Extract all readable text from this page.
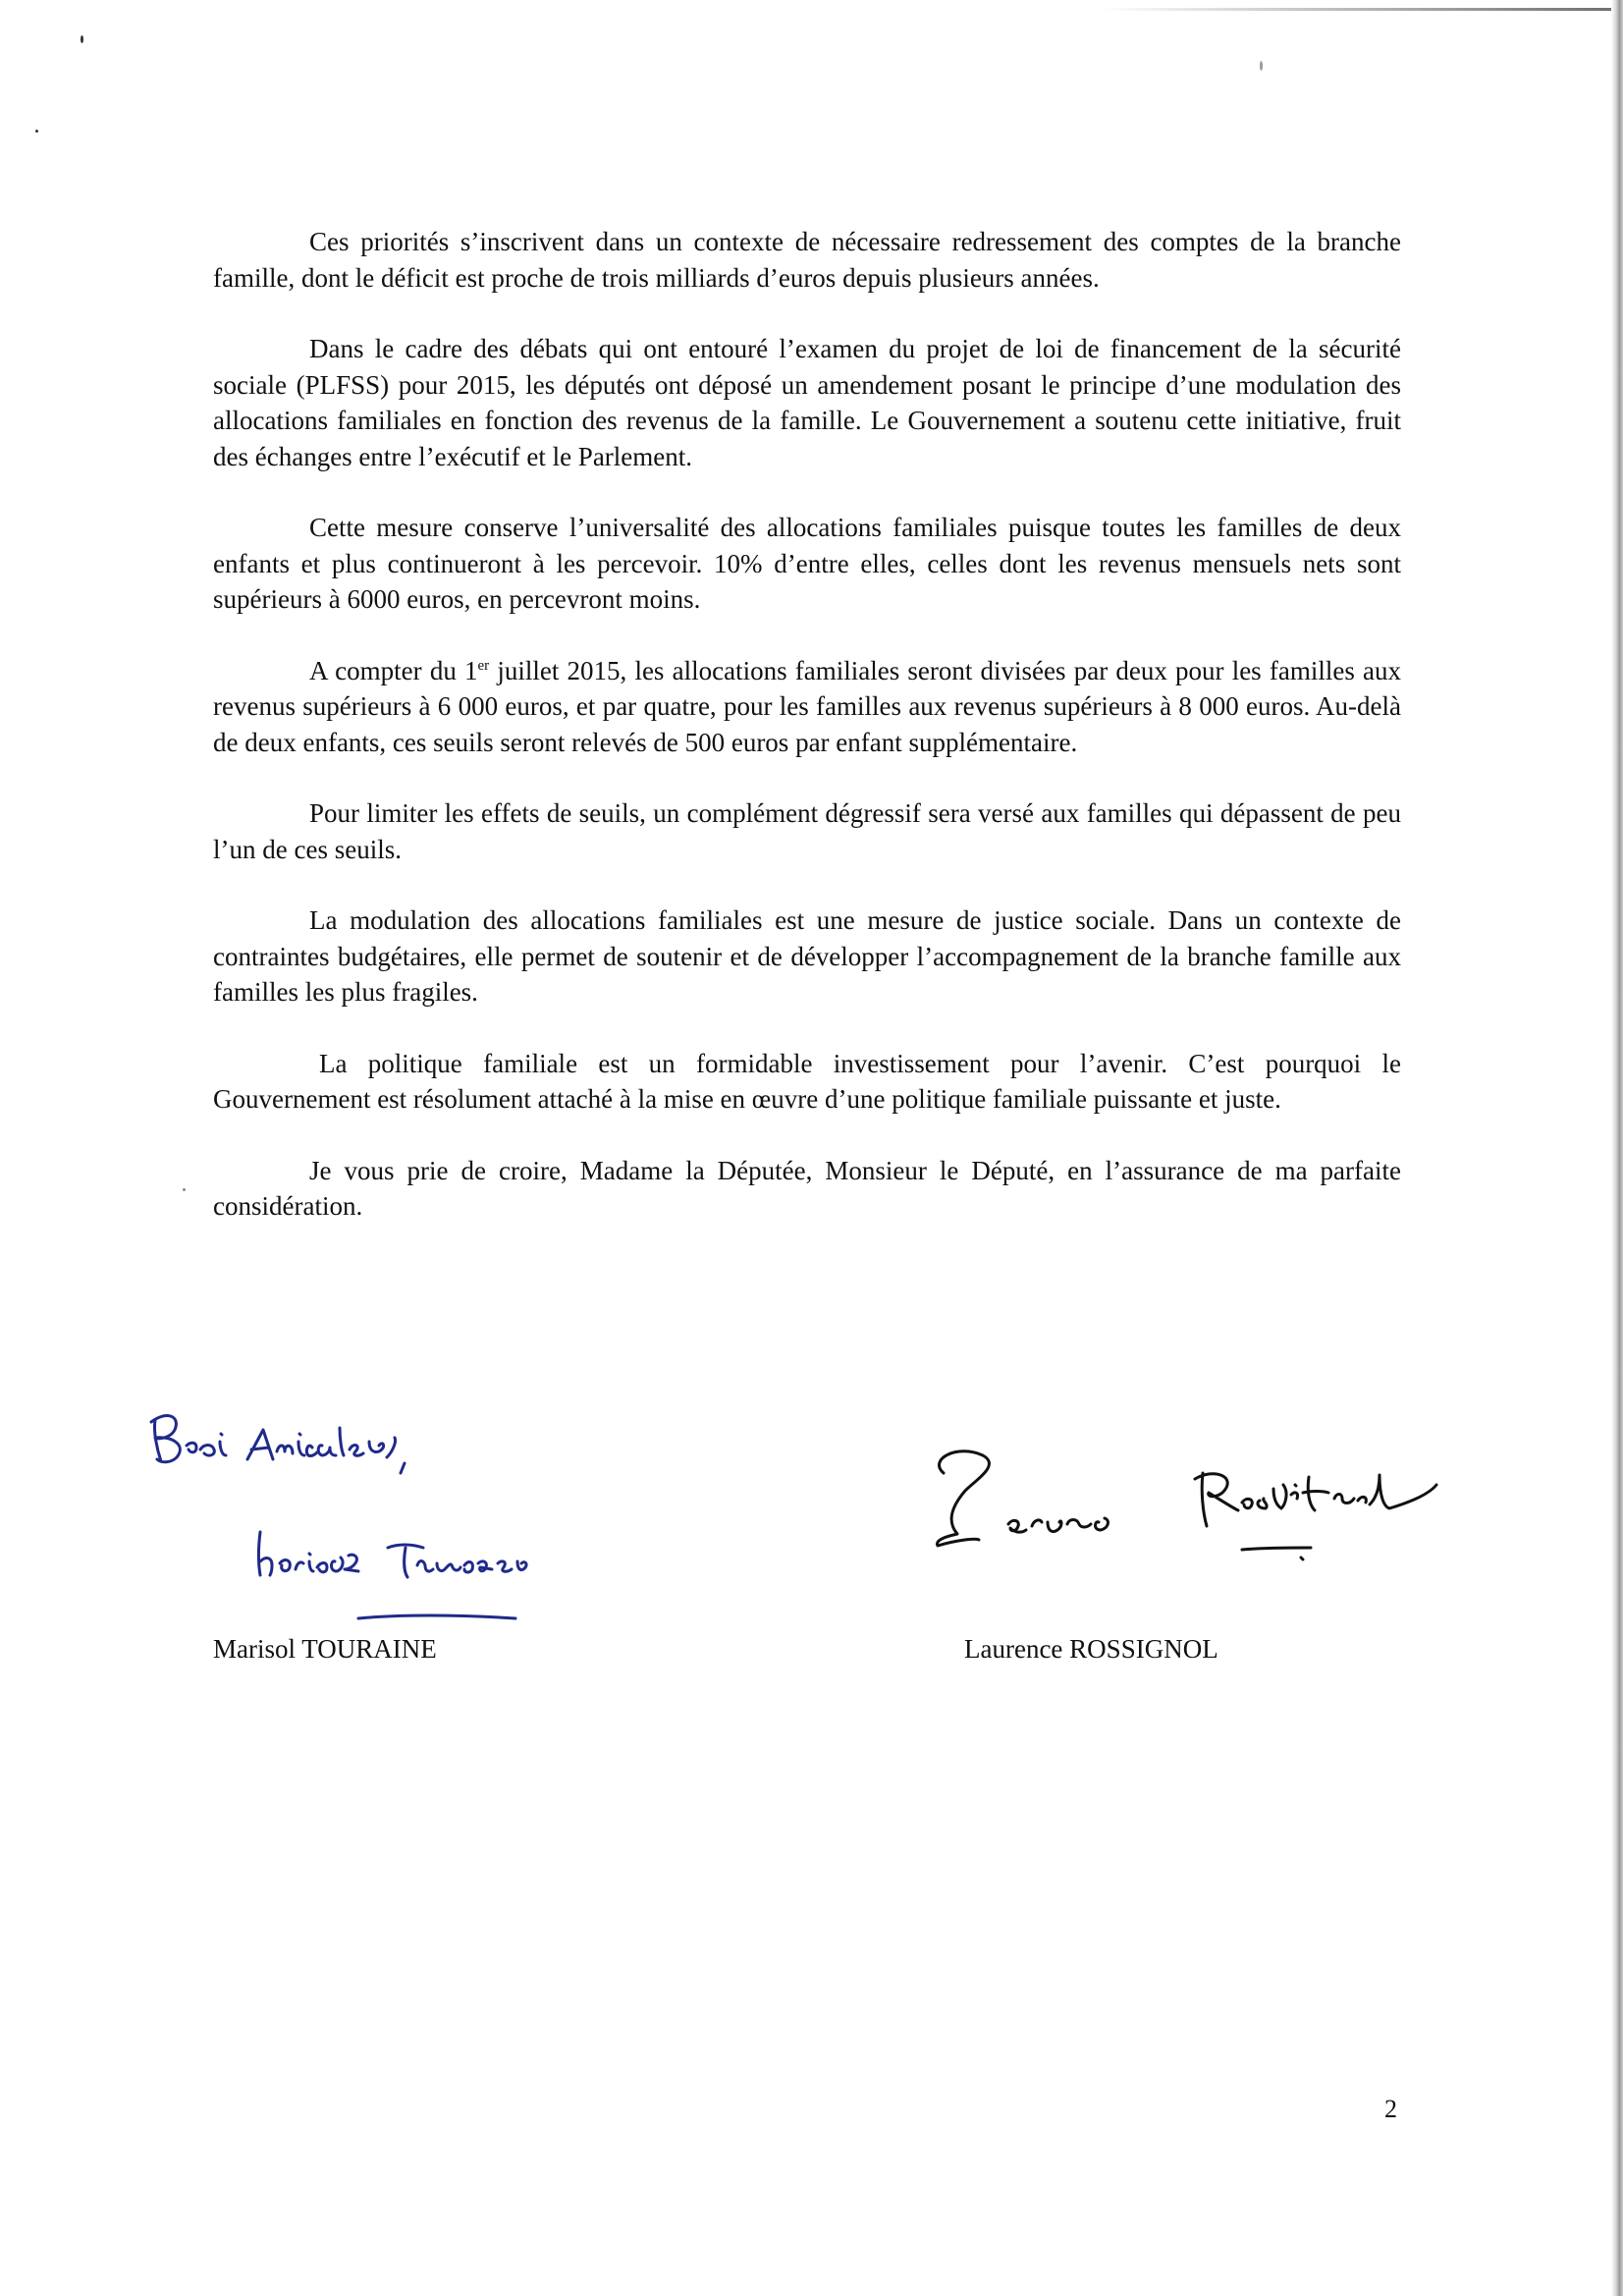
Ces priorités s’inscrivent dans un contexte de nécessaire redressement des comptes de la branche famille, dont le déficit est proche de trois milliards d’euros depuis plusieurs années.

Dans le cadre des débats qui ont entouré l’examen du projet de loi de financement de la sécurité sociale (PLFSS) pour 2015, les députés ont déposé un amendement posant le principe d’une modulation des allocations familiales en fonction des revenus de la famille. Le Gouvernement a soutenu cette initiative, fruit des échanges entre l’exécutif et le Parlement.

Cette mesure conserve l’universalité des allocations familiales puisque toutes les familles de deux enfants et plus continueront à les percevoir. 10% d’entre elles, celles dont les revenus mensuels nets sont supérieurs à 6000 euros, en percevront moins.

A compter du 1er juillet 2015, les allocations familiales seront divisées par deux pour les familles aux revenus supérieurs à 6 000 euros, et par quatre, pour les familles aux revenus supérieurs à 8 000 euros. Au-delà de deux enfants, ces seuils seront relevés de 500 euros par enfant supplémentaire.

Pour limiter les effets de seuils, un complément dégressif sera versé aux familles qui dépassent de peu l’un de ces seuils.

La modulation des allocations familiales est une mesure de justice sociale. Dans un contexte de contraintes budgétaires, elle permet de soutenir et de développer l’accompagnement de la branche famille aux familles les plus fragiles.

La politique familiale est un formidable investissement pour l’avenir. C’est pourquoi le Gouvernement est résolument attaché à la mise en œuvre d’une politique familiale puissante et juste.

Je vous prie de croire, Madame la Députée, Monsieur le Député, en l’assurance de ma parfaite considération.

Marisol TOURAINE	Laurence ROSSIGNOL
2
